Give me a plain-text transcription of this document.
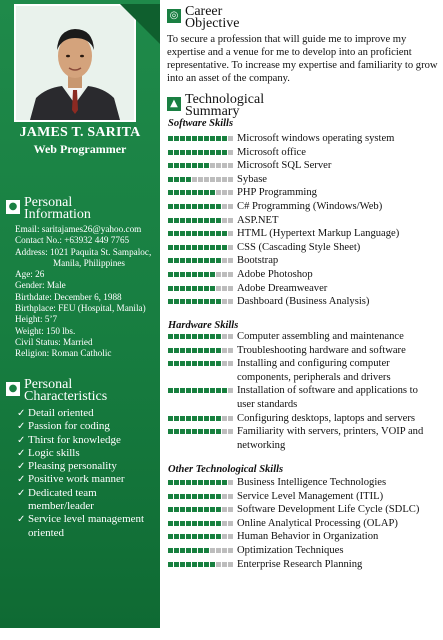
JAMES T. SARITA
Web Programmer
● Personal
Information
Email: saritajames26@yahoo.com
Contact No.: +63932 449 7765
Address: 1021 Paquita St. Sampaloc,
Manila, Philippines
Age: 26
Gender: Male
Birthdate: December 6, 1988
Birthplace: FEU (Hospital, Manila)
Height: 5’7
Weight: 150 lbs.
Civil Status: Married
Religion: Roman Catholic
● Personal
Characteristics
✓ Detail oriented
✓ Passion for coding
✓ Thirst for knowledge
✓ Logic skills
✓ Pleasing personality
✓ Positive work manner
✓ Dedicated team member/leader
✓ Service level management oriented
◎ Career
Objective
To secure a profession that will guide me to improve my expertise and a venue for me to develop into an proficient representative. To increase my expertise and familiarity to grow into an asset of the company.
▲ Technological
Summary
Software Skills
Microsoft windows operating system
Microsoft office
Microsoft SQL Server
Sybase
PHP Programming
C# Programming (Windows/Web)
ASP.NET
HTML (Hypertext Markup Language)
CSS (Cascading Style Sheet)
Bootstrap
Adobe Photoshop
Adobe Dreamweaver
Dashboard (Business Analysis)
Hardware Skills
Computer assembling and maintenance
Troubleshooting hardware and software
Installing and configuring computer components, peripherals and drivers
Installation of software and applications to user standards
Configuring desktops, laptops and servers
Familiarity with servers, printers, VOIP and networking
Other Technological Skills
Business Intelligence Technologies
Service Level Management (ITIL)
Software Development Life Cycle (SDLC)
Online Analytical Processing (OLAP)
Human Behavior in Organization
Optimization Techniques
Enterprise Research Planning
